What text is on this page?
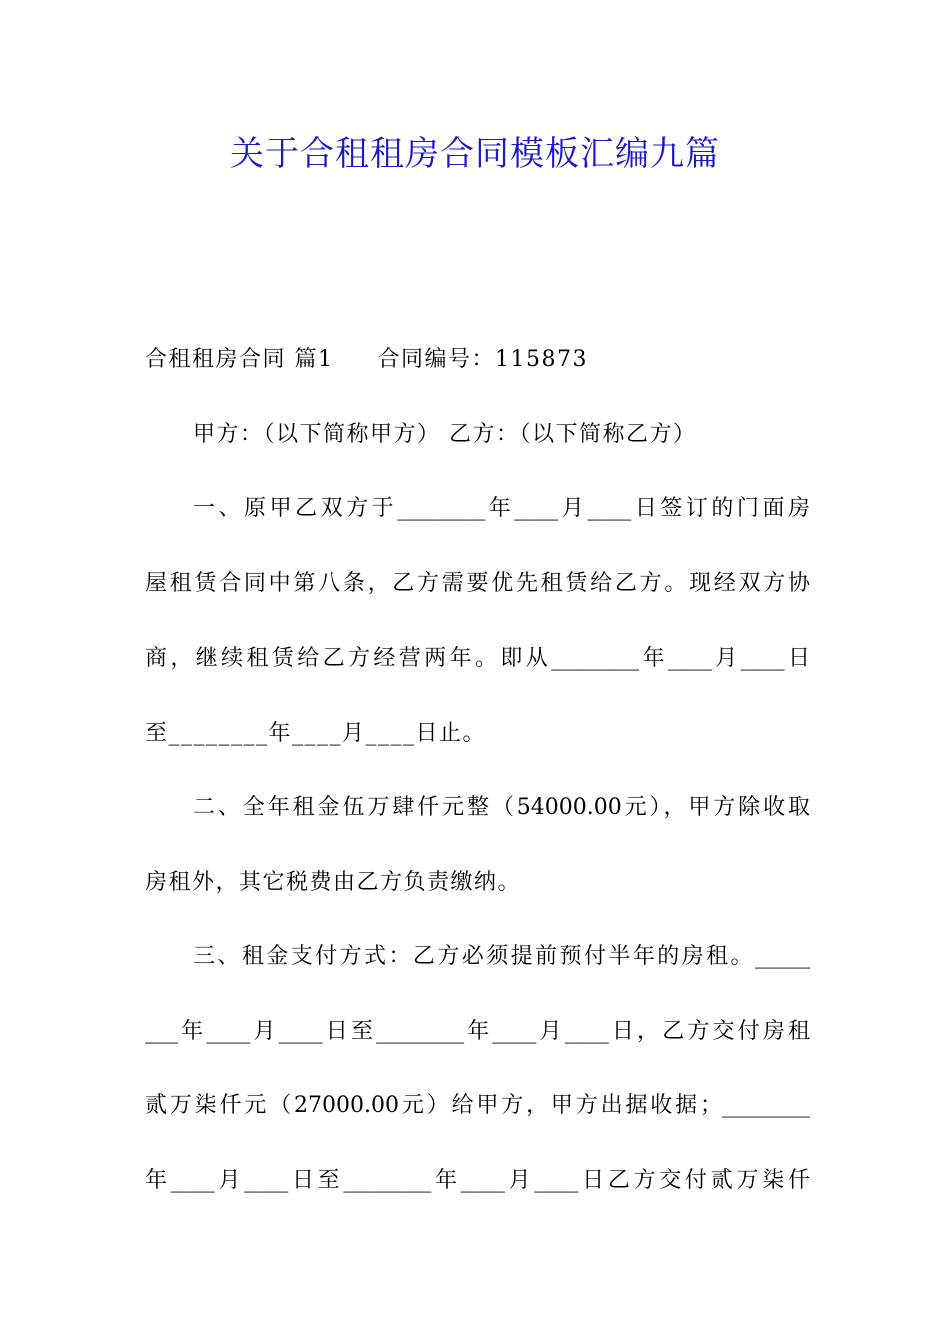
关于合租租房合同模板汇编九篇
合租租房合同 篇1 合同编号：115873
甲方：（以下简称甲方） 乙方：（以下简称乙方）
一、原甲乙双方于________年____月____日签订的门面房
屋租赁合同中第八条，乙方需要优先租赁给乙方。现经双方协
商，继续租赁给乙方经营两年。即从________年____月____日
至________年____月____日止。
二、全年租金伍万肆仟元整（54000.00元），甲方除收取
房租外，其它税费由乙方负责缴纳。
三、租金支付方式：乙方必须提前预付半年的房租。_____
___年____月____日至________年____月____日，乙方交付房租
贰万柒仟元（27000.00元）给甲方，甲方出据收据；________
年____月____日至________年____月____日乙方交付贰万柒仟
